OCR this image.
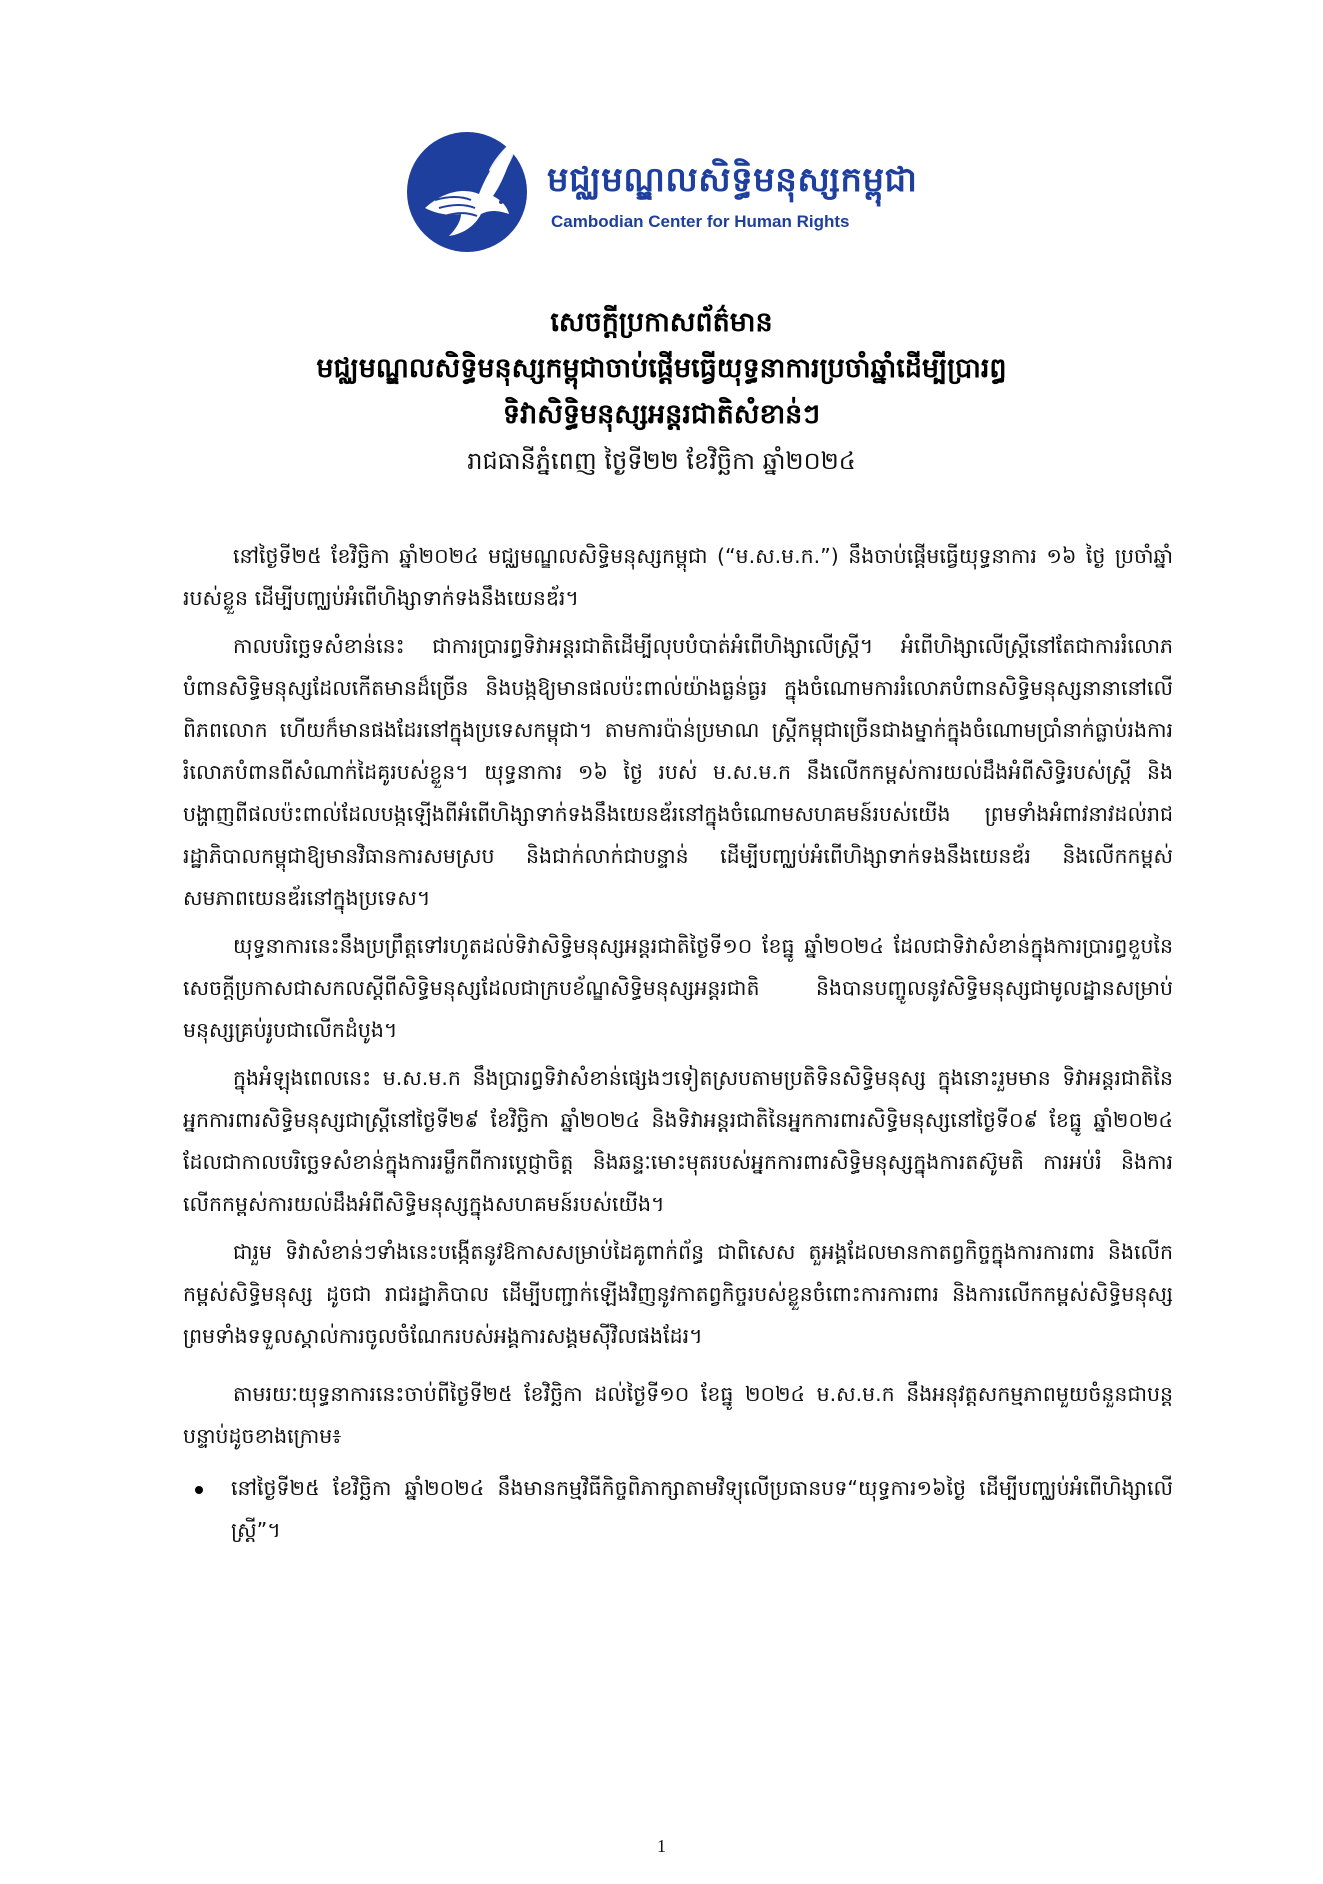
មជ្ឈមណ្ឌលសិទ្ធិមនុស្សកម្ពុជា
Cambodian Center for Human Rights
សេចក្តីប្រកាសព័ត៌មាន
មជ្ឈមណ្ឌលសិទ្ធិមនុស្សកម្ពុជាចាប់ផ្តើមធ្វើយុទ្ធនាការប្រចាំឆ្នាំដើម្បីប្រារព្ធ
ទិវាសិទ្ធិមនុស្សអន្តរជាតិសំខាន់ៗ
រាជធានីភ្នំពេញ ថ្ងៃទី២២ ខែវិច្ឆិកា ឆ្នាំ២០២៤

នៅថ្ងៃទី២៥ ខែវិច្ឆិកា ឆ្នាំ២០២៤ មជ្ឈមណ្ឌលសិទ្ធិមនុស្សកម្ពុជា (“ម.ស.ម.ក.”) នឹងចាប់ផ្តើមធ្វើយុទ្ធនាការ ១៦ ថ្ងៃ ប្រចាំឆ្នាំរបស់ខ្លួន ដើម្បីបញ្ឈប់អំពើហិង្សាទាក់ទងនឹងយេនឌ័រ។

កាលបរិច្ឆេទសំខាន់នេះ ជាការប្រារព្ធទិវាអន្តរជាតិដើម្បីលុបបំបាត់អំពើហិង្សាលើស្ត្រី។ អំពើហិង្សាលើស្ត្រីនៅតែជាការរំលោភបំពានសិទ្ធិមនុស្សដែលកើតមានដ៏ច្រើន និងបង្កឱ្យមានផលប៉ះពាល់យ៉ាងធ្ងន់ធ្ងរ ក្នុងចំណោមការរំលោភបំពានសិទ្ធិមនុស្សនានានៅលើពិភពលោក ហើយក៏មានផងដែរនៅក្នុងប្រទេសកម្ពុជា។ តាមការប៉ាន់ប្រមាណ ស្ត្រីកម្ពុជាច្រើនជាងម្នាក់ក្នុងចំណោមប្រាំនាក់ធ្លាប់រងការរំលោភបំពានពីសំណាក់ដៃគូរបស់ខ្លួន។ យុទ្ធនាការ ១៦ ថ្ងៃ របស់ ម.ស.ម.ក នឹងលើកកម្ពស់ការយល់ដឹងអំពីសិទ្ធិរបស់ស្ត្រី និងបង្ហាញពីផលប៉ះពាល់ដែលបង្កឡើងពីអំពើហិង្សាទាក់ទងនឹងយេនឌ័រនៅក្នុងចំណោមសហគមន៍របស់យើង ព្រមទាំងអំពាវនាវដល់រាជរដ្ឋាភិបាលកម្ពុជាឱ្យមានវិធានការសមស្រប និងជាក់លាក់ជាបន្ទាន់ ដើម្បីបញ្ឈប់អំពើហិង្សាទាក់ទងនឹងយេនឌ័រ និងលើកកម្ពស់សមភាពយេនឌ័រនៅក្នុងប្រទេស។

យុទ្ធនាការនេះនឹងប្រព្រឹត្តទៅរហូតដល់ទិវាសិទ្ធិមនុស្សអន្តរជាតិថ្ងៃទី១០ ខែធ្នូ ឆ្នាំ២០២៤ ដែលជាទិវាសំខាន់ក្នុងការប្រារព្ធខួបនៃសេចក្តីប្រកាសជាសកលស្តីពីសិទ្ធិមនុស្សដែលជាក្របខ័ណ្ឌសិទ្ធិមនុស្សអន្តរជាតិ និងបានបញ្ចូលនូវសិទ្ធិមនុស្សជាមូលដ្ឋានសម្រាប់មនុស្សគ្រប់រូបជាលើកដំបូង។

ក្នុងអំឡុងពេលនេះ ម.ស.ម.ក នឹងប្រារព្ធទិវាសំខាន់ផ្សេងៗទៀតស្របតាមប្រតិទិនសិទ្ធិមនុស្ស ក្នុងនោះរួមមាន ទិវាអន្តរជាតិនៃអ្នកការពារសិទ្ធិមនុស្សជាស្ត្រីនៅថ្ងៃទី២៩ ខែវិច្ឆិកា ឆ្នាំ២០២៤ និងទិវាអន្តរជាតិនៃអ្នកការពារសិទ្ធិមនុស្សនៅថ្ងៃទី០៩ ខែធ្នូ ឆ្នាំ២០២៤ ដែលជាកាលបរិច្ឆេទសំខាន់ក្នុងការរម្លឹកពីការប្តេជ្ញាចិត្ត និងឆន្ទៈមោះមុតរបស់អ្នកការពារសិទ្ធិមនុស្សក្នុងការតស៊ូមតិ ការអប់រំ និងការលើកកម្ពស់ការយល់ដឹងអំពីសិទ្ធិមនុស្សក្នុងសហគមន៍របស់យើង។

ជារួម ទិវាសំខាន់ៗទាំងនេះបង្កើតនូវឱកាសសម្រាប់ដៃគូពាក់ព័ន្ធ ជាពិសេស តួអង្គដែលមានកាតព្វកិច្ចក្នុងការការពារ និងលើកកម្ពស់សិទ្ធិមនុស្ស ដូចជា រាជរដ្ឋាភិបាល ដើម្បីបញ្ជាក់ឡើងវិញនូវកាតព្វកិច្ចរបស់ខ្លួនចំពោះការការពារ និងការលើកកម្ពស់សិទ្ធិមនុស្ស ព្រមទាំងទទួលស្គាល់ការចូលចំណែករបស់អង្គការសង្គមស៊ីវិលផងដែរ។

តាមរយៈយុទ្ធនាការនេះចាប់ពីថ្ងៃទី២៥ ខែវិច្ឆិកា ដល់ថ្ងៃទី១០ ខែធ្នូ ២០២៤ ម.ស.ម.ក នឹងអនុវត្តសកម្មភាពមួយចំនួនជាបន្តបន្ទាប់ដូចខាងក្រោម៖

នៅថ្ងៃទី២៥ ខែវិច្ឆិកា ឆ្នាំ២០២៤ នឹងមានកម្មវិធីកិច្ចពិភាក្សាតាមវិទ្យុលើប្រធានបទ“យុទ្ធការ១៦ថ្ងៃ ដើម្បីបញ្ឈប់អំពើហិង្សាលើស្ត្រី”។
1
